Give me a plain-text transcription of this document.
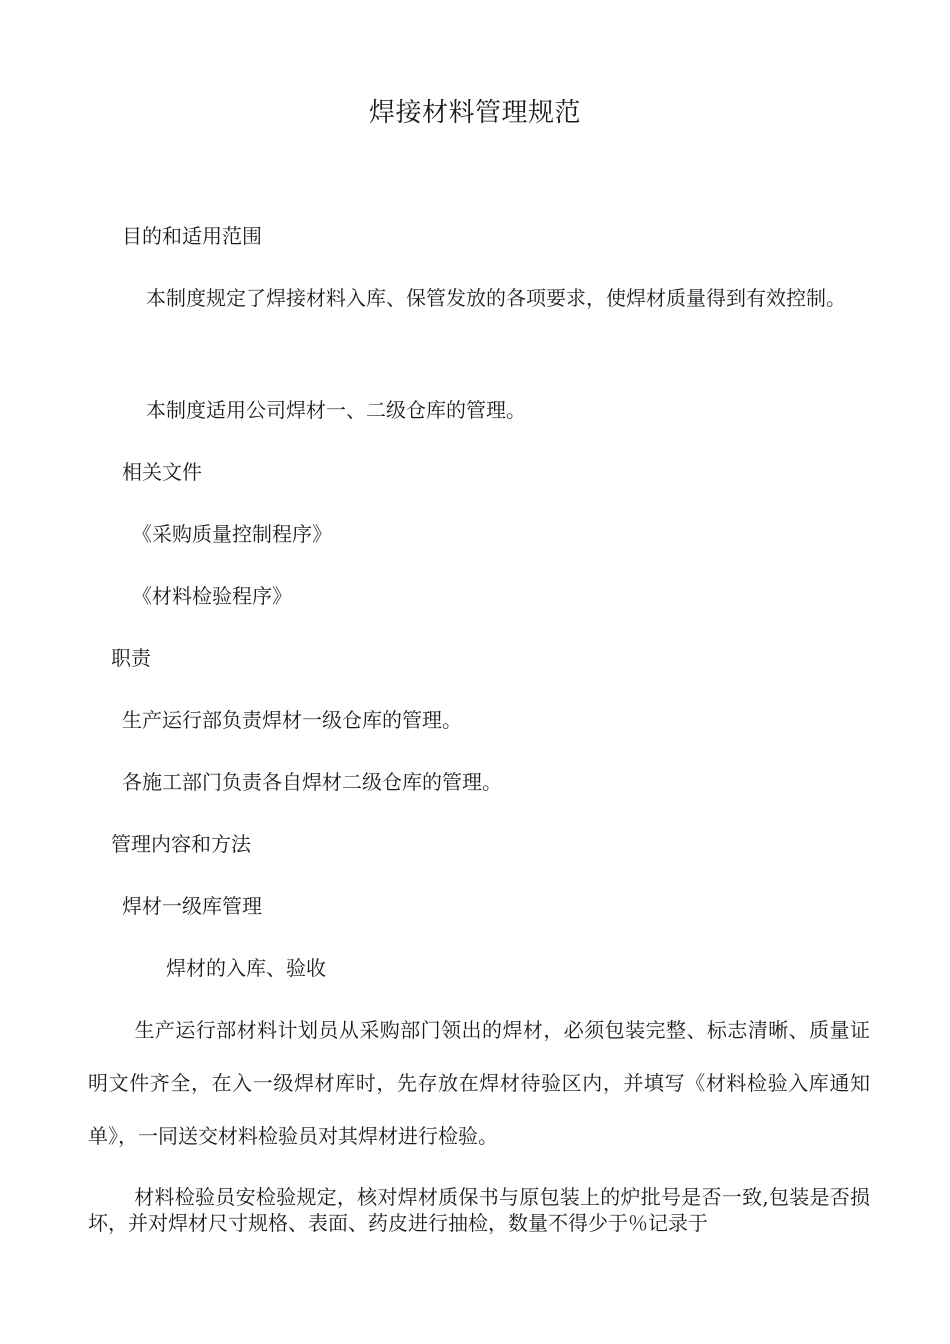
焊接材料管理规范
目的和适用范围
本制度规定了焊接材料入库、保管发放的各项要求，使焊材质量得到有效控制。
本制度适用公司焊材一、二级仓库的管理。
相关文件
《采购质量控制程序》
《材料检验程序》
职责
生产运行部负责焊材一级仓库的管理。
各施工部门负责各自焊材二级仓库的管理。
管理内容和方法
焊材一级库管理
焊材的入库、验收
生产运行部材料计划员从采购部门领出的焊材，必须包装完整、标志清晰、质量证明文件齐全，在入一级焊材库时，先存放在焊材待验区内，并填写《材料检验入库通知单》，一同送交材料检验员对其焊材进行检验。
材料检验员安检验规定，核对焊材质保书与原包装上的炉批号是否一致,包装是否损坏，并对焊材尺寸规格、表面、药皮进行抽检，数量不得少于％记录于
